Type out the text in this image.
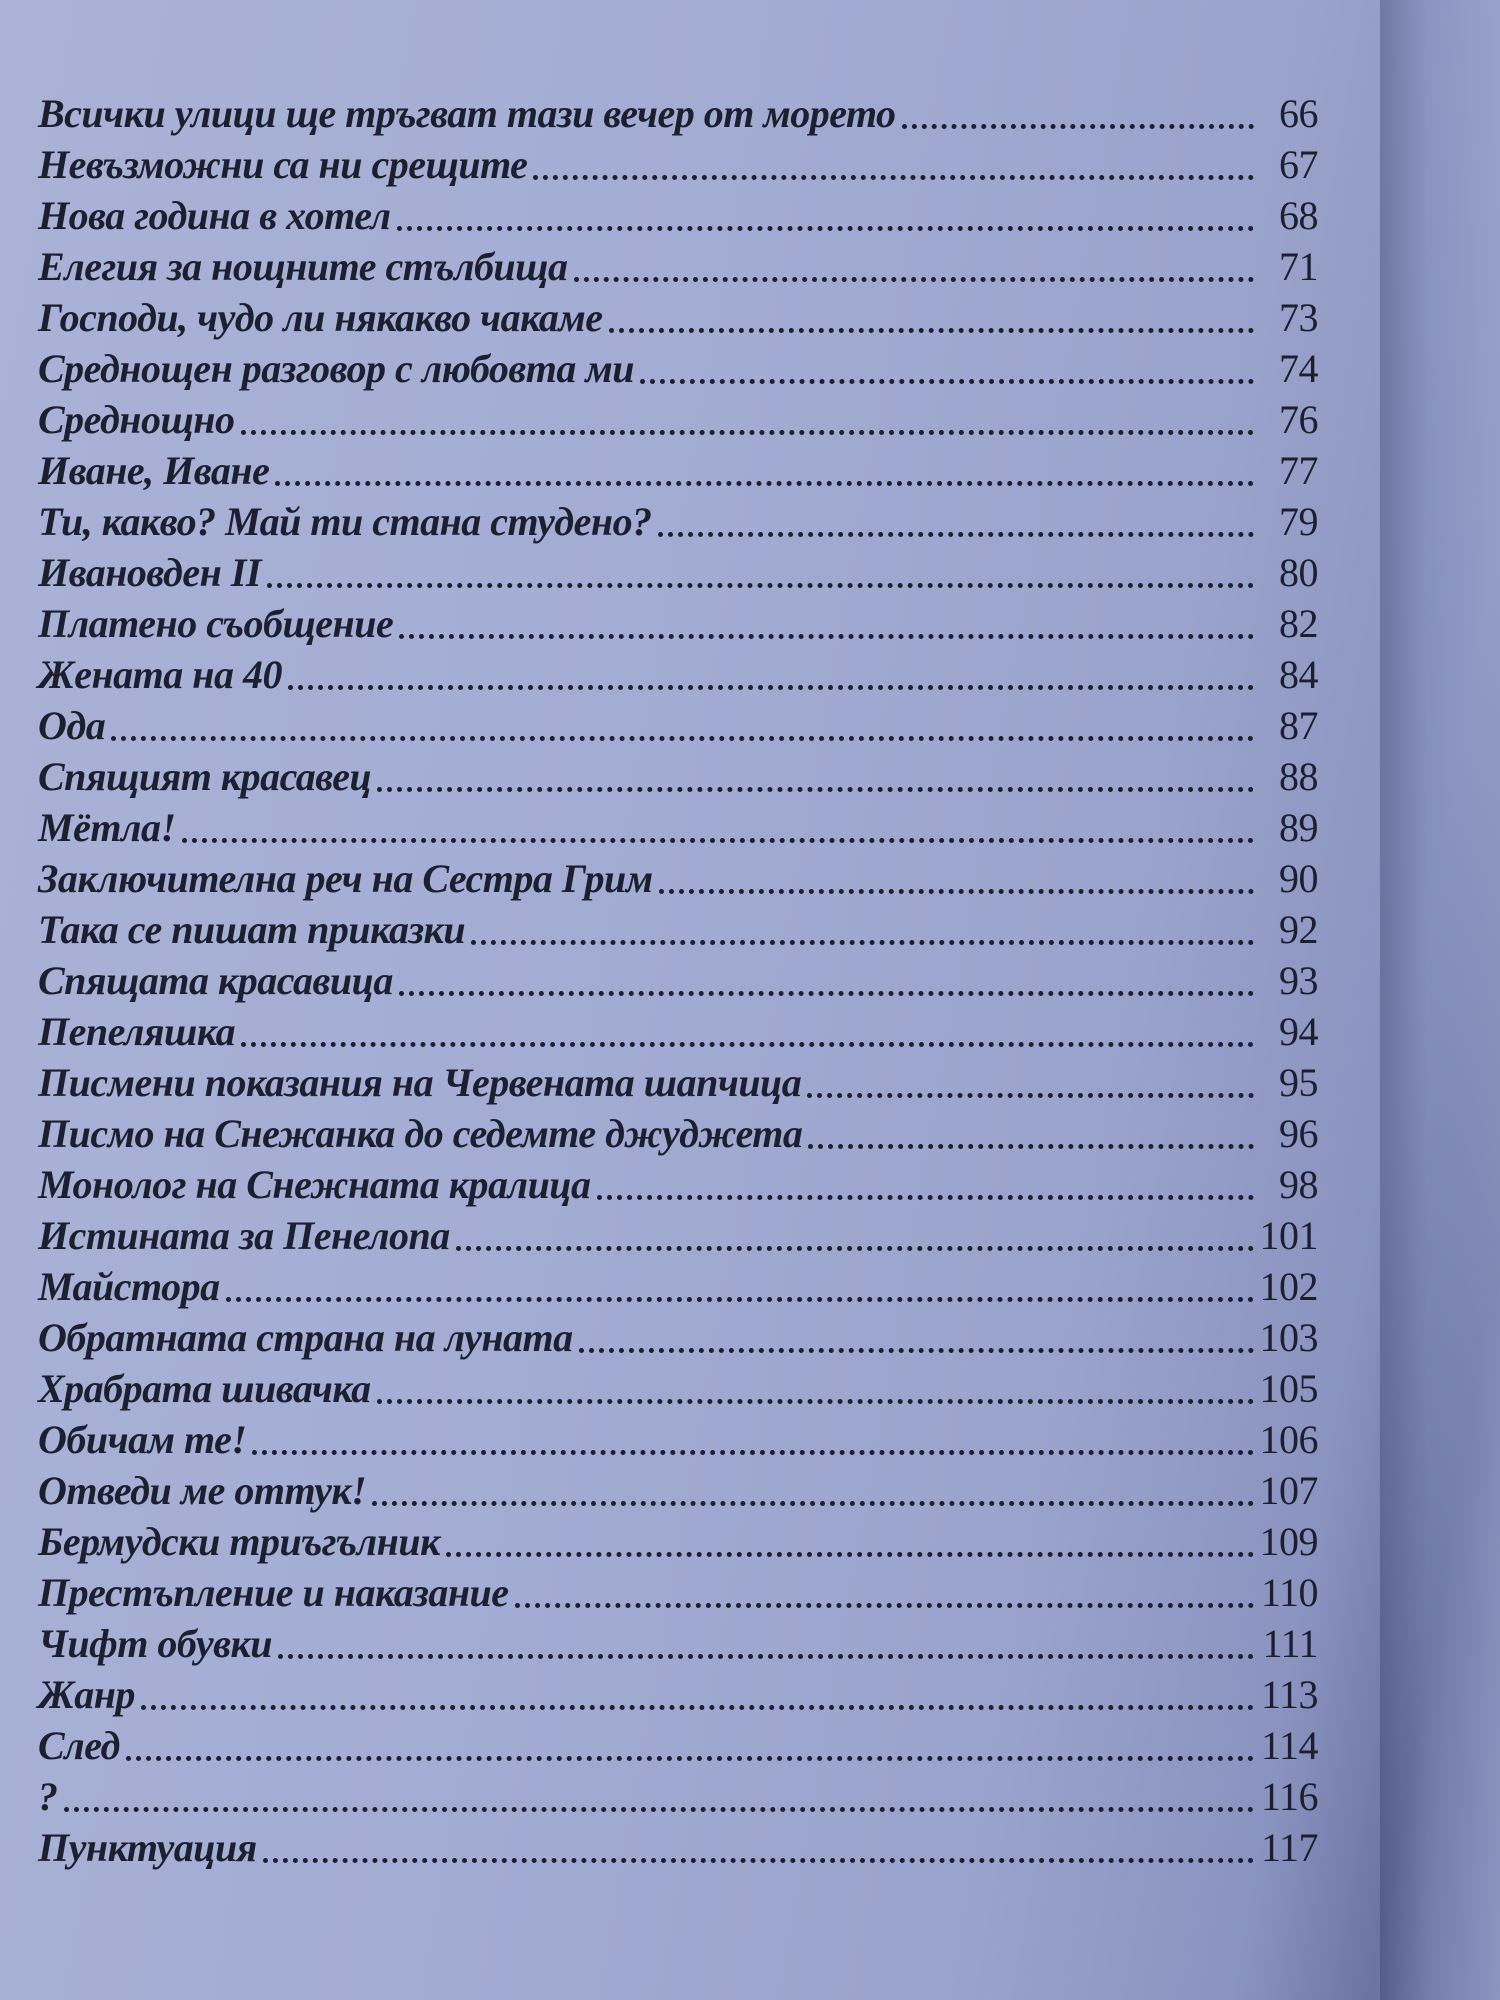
Всички улици ще тръгват тази вечер от морето	66
Невъзможни са ни срещите	67
Нова година в хотел	68
Елегия за нощните стълбища	71
Господи, чудо ли някакво чакаме	73
Среднощен разговор с любовта ми	74
Среднощно	76
Иване, Иване	77
Ти, какво? Май ти стана студено?	79
Ивановден II	80
Платено съобщение	82
Жената на 40	84
Ода	87
Спящият красавец	88
Мётла!	89
Заключителна реч на Сестра Грим	90
Така се пишат приказки	92
Спящата красавица	93
Пепеляшка	94
Писмени показания на Червената шапчица	95
Писмо на Снежанка до седемте джуджета	96
Монолог на Снежната кралица	98
Истината за Пенелопа	101
Майстора	102
Обратната страна на луната	103
Храбрата шивачка	105
Обичам те!	106
Отведи ме оттук!	107
Бермудски триъгълник	109
Престъпление и наказание	110
Чифт обувки	111
Жанр	113
След	114
?	116
Пунктуация	117
